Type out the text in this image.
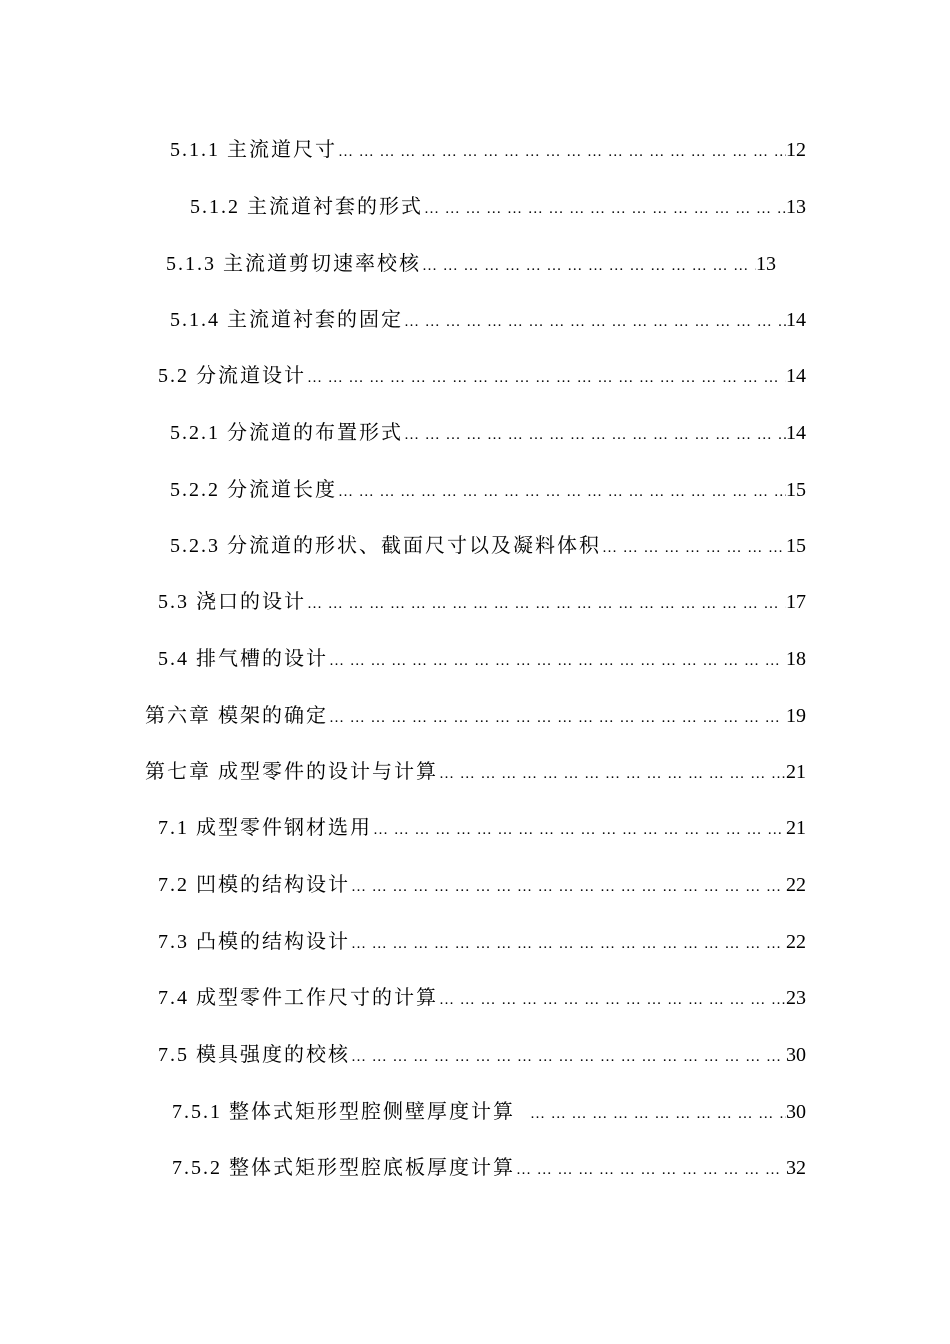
5.1.1 主流道尺寸 … … … … … … … … … … … … … … … … … … … … … … … … … … … … … … … … … … … … … … … …	12
5.1.2 主流道衬套的形式 … … … … … … … … … … … … … … … … … … … … … … … … … … … … … … … … … … … … … … … …	13
5.1.3 主流道剪切速率校核 … … … … … … … … … … … … … … … … … … … … … … … … … … … … … … … … … … … … … … … …	13
5.1.4 主流道衬套的固定 … … … … … … … … … … … … … … … … … … … … … … … … … … … … … … … … … … … … … … … …	14
5.2 分流道设计 … … … … … … … … … … … … … … … … … … … … … … … … … … … … … … … … … … … … … … … …	14
5.2.1 分流道的布置形式 … … … … … … … … … … … … … … … … … … … … … … … … … … … … … … … … … … … … … … … …	14
5.2.2 分流道长度 … … … … … … … … … … … … … … … … … … … … … … … … … … … … … … … … … … … … … … … …	15
5.2.3 分流道的形状、截面尺寸以及凝料体积 … … … … … … … … … … … … … … … … … … … … … … … … … … … … … … … … … … … … … … … …	15
5.3 浇口的设计 … … … … … … … … … … … … … … … … … … … … … … … … … … … … … … … … … … … … … … … …	17
5.4 排气槽的设计 … … … … … … … … … … … … … … … … … … … … … … … … … … … … … … … … … … … … … … … …	18
第六章 模架的确定 … … … … … … … … … … … … … … … … … … … … … … … … … … … … … … … … … … … … … … … …	19
第七章 成型零件的设计与计算 … … … … … … … … … … … … … … … … … … … … … … … … … … … … … … … … … … … … … … … …	21
7.1 成型零件钢材选用 … … … … … … … … … … … … … … … … … … … … … … … … … … … … … … … … … … … … … … … …	21
7.2 凹模的结构设计 … … … … … … … … … … … … … … … … … … … … … … … … … … … … … … … … … … … … … … … …	22
7.3 凸模的结构设计 … … … … … … … … … … … … … … … … … … … … … … … … … … … … … … … … … … … … … … … …	22
7.4 成型零件工作尺寸的计算 … … … … … … … … … … … … … … … … … … … … … … … … … … … … … … … … … … … … … … … …	23
7.5 模具强度的校核 … … … … … … … … … … … … … … … … … … … … … … … … … … … … … … … … … … … … … … … …	30
7.5.1 整体式矩形型腔侧壁厚度计算 … … … … … … … … … … … … … … … … … … … … … … … … … … … … … … … … … … … … … … … …	30
7.5.2 整体式矩形型腔底板厚度计算 … … … … … … … … … … … … … … … … … … … … … … … … … … … … … … … … … … … … … … … …	32
